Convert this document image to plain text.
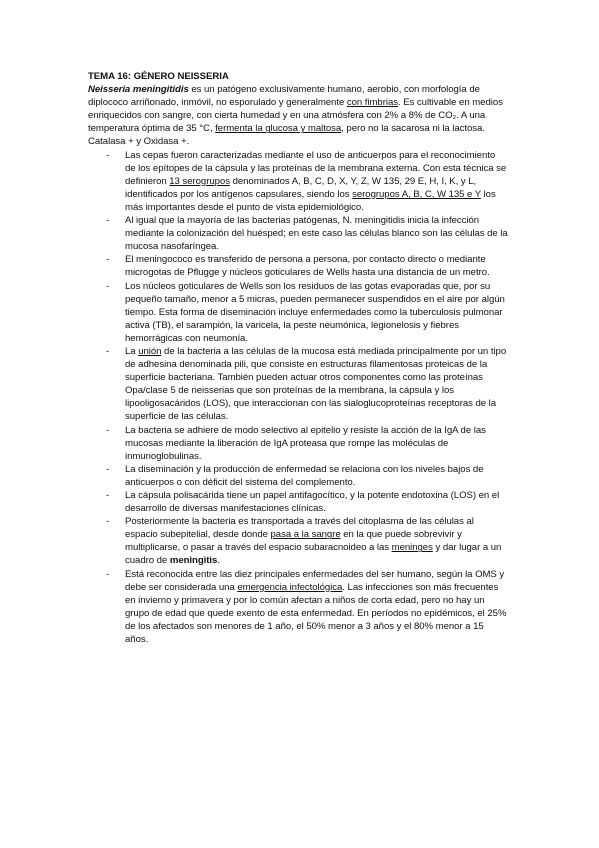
TEMA 16: GÉNERO NEISSERIA

Neisseria meningitidis es un patógeno exclusivamente humano, aerobio, con morfología de diplococo arriñonado, inmóvil, no esporulado y generalmente con fimbrias. Es cultivable en medios enriquecidos con sangre, con cierta humedad y en una atmósfera con 2% a 8% de CO₂. A una temperatura óptima de 35 °C, fermenta la glucosa y maltosa, pero no la sacarosa ni la lactosa. Catalasa + y Oxidasa +.

- Las cepas fueron caracterizadas mediante el uso de anticuerpos para el reconocimiento de los epítopes de la cápsula y las proteínas de la membrana externa. Con esta técnica se definieron 13 serogrupos denominados A, B, C, D, X, Y, Z, W 135, 29 E, H, I, K, y L, identificados por los antígenos capsulares, siendo los serogrupos A, B, C, W 135 e Y los más importantes desde el punto de vista epidemiológico.
- Al igual que la mayoría de las bacterias patógenas, N. meningitidis inicia la infección mediante la colonización del huésped; en este caso las células blanco son las células de la mucosa nasofaríngea.
- El meningococo es transferido de persona a persona, por contacto directo o mediante microgotas de Pflugge y núcleos goticulares de Wells hasta una distancia de un metro.
- Los núcleos goticulares de Wells son los residuos de las gotas evaporadas que, por su pequeño tamaño, menor a 5 micras, pueden permanecer suspendidos en el aire por algún tiempo. Esta forma de diseminación incluye enfermedades como la tuberculosis pulmonar activa (TB), el sarampión, la varicela, la peste neumónica, legionelosis y fiebres hemorrágicas con neumonía.
- La unión de la bacteria a las células de la mucosa está mediada principalmente por un tipo de adhesina denominada pili, que consiste en estructuras filamentosas proteicas de la superficie bacteriana. También pueden actuar otros componentes como las proteínas Opa/clase 5 de neisserias que son proteínas de la membrana, la cápsula y los lipooligosacáridos (LOS), que interaccionan con las sialoglucoproteínas receptoras de la superficie de las células.
- La bacteria se adhiere de modo selectivo al epitelio y resiste la acción de la IgA de las mucosas mediante la liberación de IgA proteasa que rompe las moléculas de inmunoglobulinas.
- La diseminación y la producción de enfermedad se relaciona con los niveles bajos de anticuerpos o con déficit del sistema del complemento.
- La cápsula polisacárida tiene un papel antifagocítico, y la potente endotoxina (LOS) en el desarrollo de diversas manifestaciones clínicas.
- Posteriormente la bacteria es transportada a través del citoplasma de las células al espacio subepitelial, desde donde pasa a la sangre en la que puede sobrevivir y multiplicarse, o pasar a través del espacio subaracnoideo a las meninges y dar lugar a un cuadro de meningitis.
- Está reconocida entre las diez principales enfermedades del ser humano, según la OMS y debe ser considerada una emergencia infectológica. Las infecciones son más frecuentes en invierno y primavera y por lo común afectan a niños de corta edad, pero no hay un grupo de edad que quede exento de esta enfermedad. En períodos no epidémicos, el 25% de los afectados son menores de 1 año, el 50% menor a 3 años y el 80% menor a 15 años.
